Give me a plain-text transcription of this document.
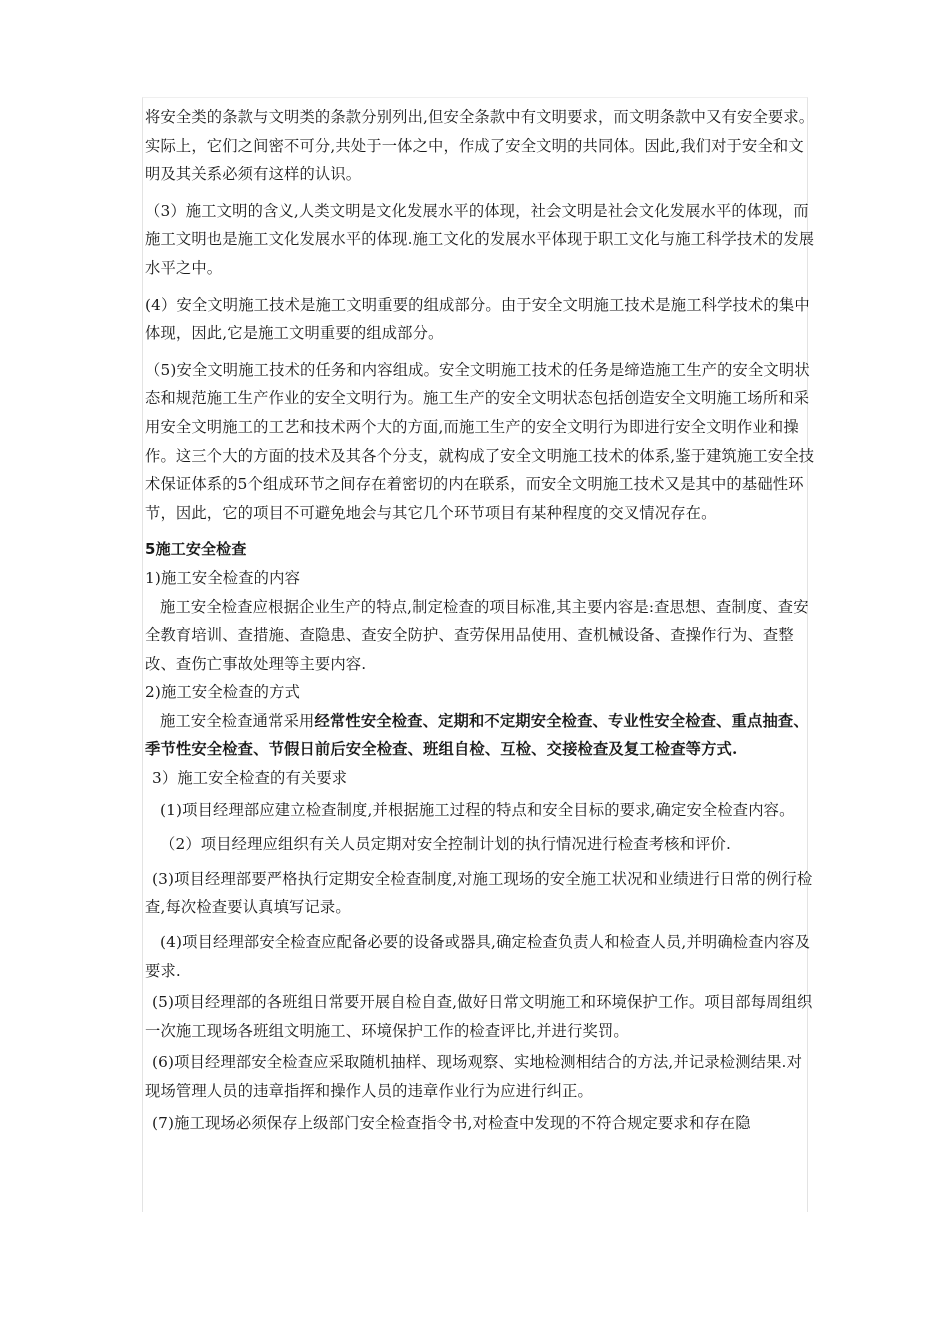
将安全类的条款与文明类的条款分别列出,但安全条款中有文明要求，而文明条款中又有安全要求。实际上，它们之间密不可分,共处于一体之中，作成了安全文明的共同体。因此,我们对于安全和文明及其关系必须有这样的认识。

（3）施工文明的含义,人类文明是文化发展水平的体现，社会文明是社会文化发展水平的体现，而施工文明也是施工文化发展水平的体现.施工文化的发展水平体现于职工文化与施工科学技术的发展水平之中。

(4）安全文明施工技术是施工文明重要的组成部分。由于安全文明施工技术是施工科学技术的集中体现，因此,它是施工文明重要的组成部分。

（5)安全文明施工技术的任务和内容组成。安全文明施工技术的任务是缔造施工生产的安全文明状态和规范施工生产作业的安全文明行为。施工生产的安全文明状态包括创造安全文明施工场所和采用安全文明施工的工艺和技术两个大的方面,而施工生产的安全文明行为即进行安全文明作业和操作。这三个大的方面的技术及其各个分支，就构成了安全文明施工技术的体系,鉴于建筑施工安全技术保证体系的5个组成环节之间存在着密切的内在联系，而安全文明施工技术又是其中的基础性环节，因此，它的项目不可避免地会与其它几个环节项目有某种程度的交叉情况存在。

5施工安全检查

1)施工安全检查的内容

施工安全检查应根据企业生产的特点,制定检查的项目标准,其主要内容是:查思想、查制度、查安全教育培训、查措施、查隐患、查安全防护、查劳保用品使用、查机械设备、查操作行为、查整改、查伤亡事故处理等主要内容.

2)施工安全检查的方式

施工安全检查通常采用经常性安全检查、定期和不定期安全检查、专业性安全检查、重点抽查、季节性安全检查、节假日前后安全检查、班组自检、互检、交接检查及复工检查等方式.

3）施工安全检查的有关要求

(1)项目经理部应建立检查制度,并根据施工过程的特点和安全目标的要求,确定安全检查内容。

（2）项目经理应组织有关人员定期对安全控制计划的执行情况进行检查考核和评价.

(3)项目经理部要严格执行定期安全检查制度,对施工现场的安全施工状况和业绩进行日常的例行检查,每次检查要认真填写记录。

(4)项目经理部安全检查应配备必要的设备或器具,确定检查负责人和检查人员,并明确检查内容及要求.

(5)项目经理部的各班组日常要开展自检自查,做好日常文明施工和环境保护工作。项目部每周组织一次施工现场各班组文明施工、环境保护工作的检查评比,并进行奖罚。

(6)项目经理部安全检查应采取随机抽样、现场观察、实地检测相结合的方法,并记录检测结果.对现场管理人员的违章指挥和操作人员的违章作业行为应进行纠正。

(7)施工现场必须保存上级部门安全检查指令书,对检查中发现的不符合规定要求和存在隐
